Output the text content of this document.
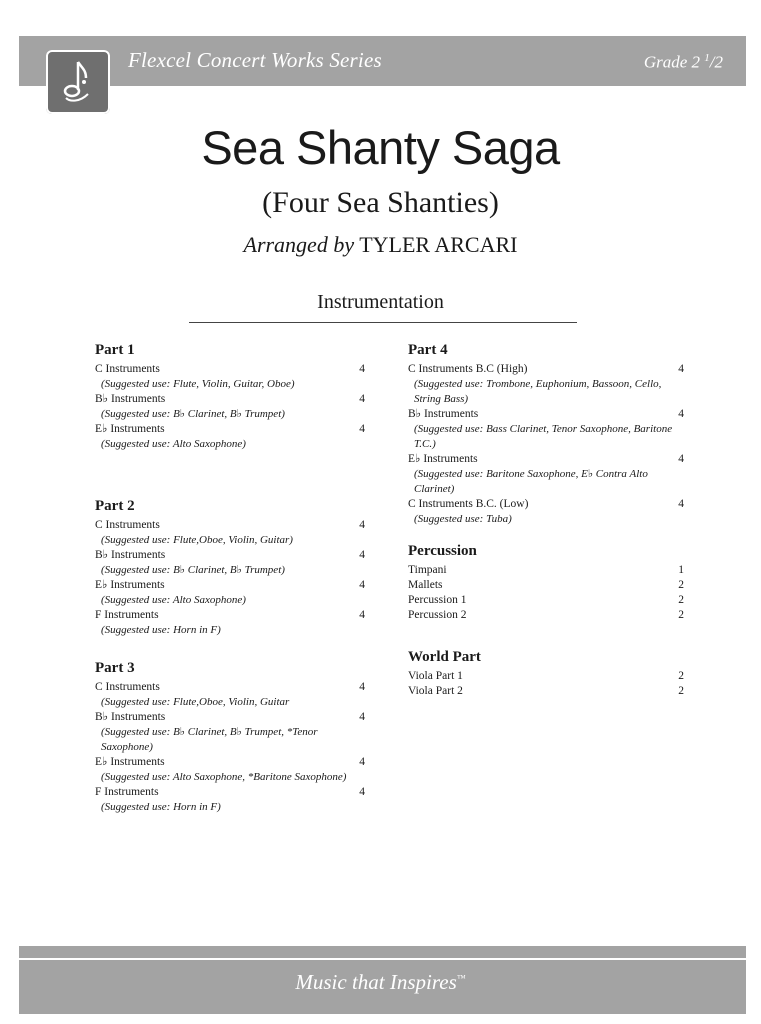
Flexcel Concert Works Series	Grade 2 $^1$/2
Sea Shanty Saga
(Four Sea Shanties)
Arranged by TYLER ARCARI
Instrumentation
Part 1
C Instruments	4
(Suggested use: Flute, Violin, Guitar, Oboe)
B♭ Instruments	4
(Suggested use: B♭ Clarinet, B♭ Trumpet)
E♭ Instruments	4
(Suggested use: Alto Saxophone)
Part 2
C Instruments	4
(Suggested use: Flute,Oboe, Violin, Guitar)
B♭ Instruments	4
(Suggested use: B♭ Clarinet, B♭ Trumpet)
E♭ Instruments	4
(Suggested use: Alto Saxophone)
F Instruments	4
(Suggested use: Horn in F)
Part 3
C Instruments	4
(Suggested use: Flute,Oboe, Violin, Guitar
B♭ Instruments	4
(Suggested use: B♭ Clarinet, B♭ Trumpet, *Tenor Saxophone)
E♭ Instruments	4
(Suggested use: Alto Saxophone, *Baritone Saxophone)
F Instruments	4
(Suggested use: Horn in F)
Part 4
C Instruments B.C (High)	4
(Suggested use: Trombone, Euphonium, Bassoon, Cello, String Bass)
B♭ Instruments	4
(Suggested use: Bass Clarinet, Tenor Saxophone, Baritone T.C.)
E♭ Instruments	4
(Suggested use: Baritone Saxophone, E♭ Contra Alto Clarinet)
C Instruments B.C. (Low)	4
(Suggested use: Tuba)
Percussion
Timpani	1
Mallets	2
Percussion 1	2
Percussion 2	2
World Part
Viola Part 1	2
Viola Part 2	2
Music that Inspires™
